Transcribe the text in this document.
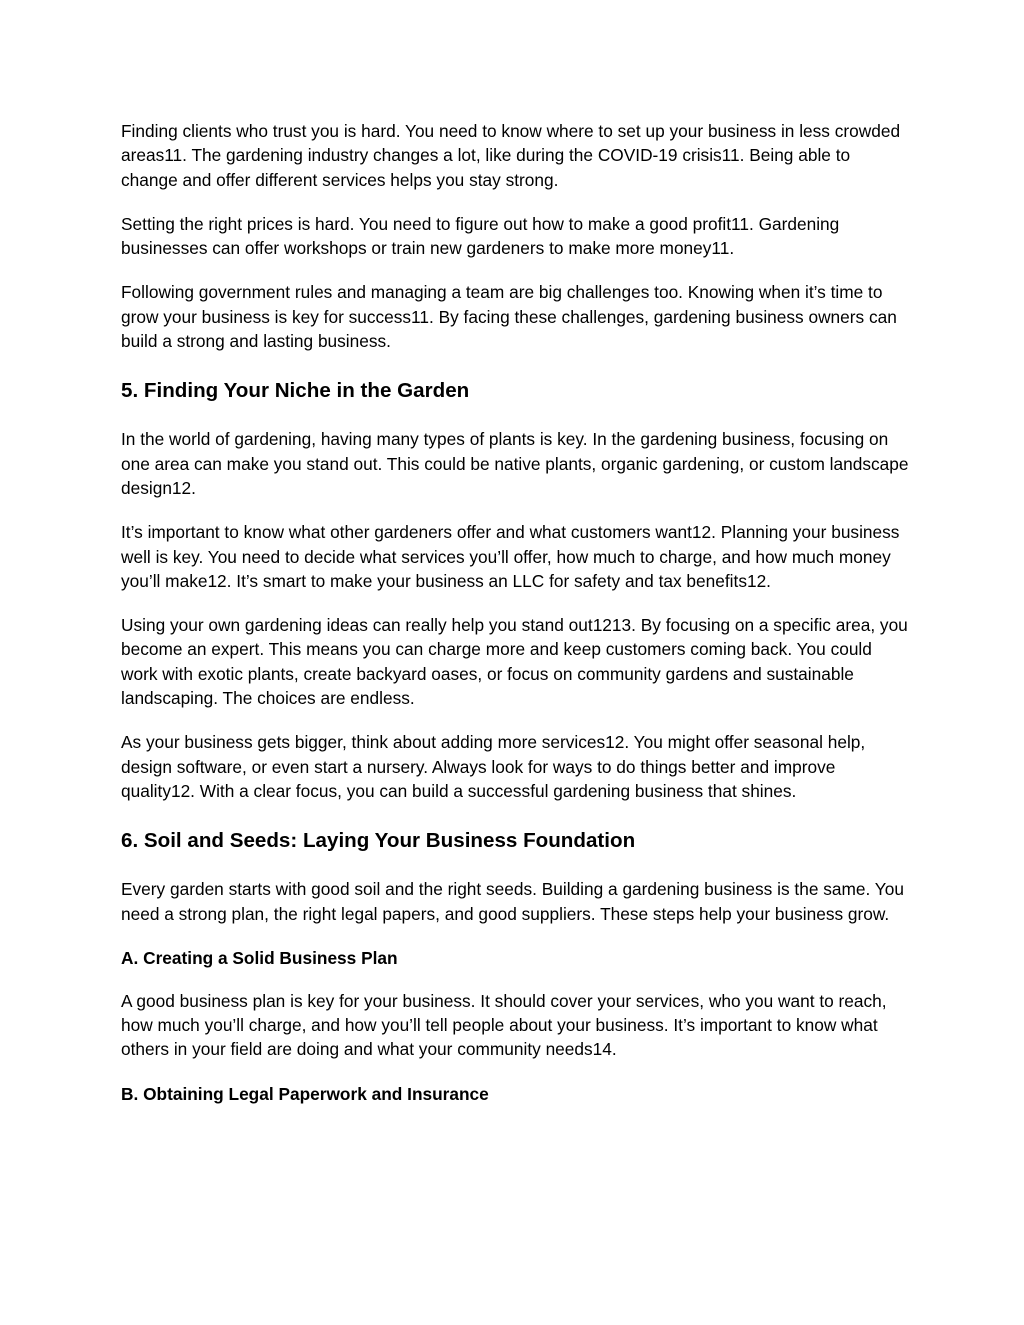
Finding clients who trust you is hard. You need to know where to set up your business in less crowded areas11. The gardening industry changes a lot, like during the COVID-19 crisis11. Being able to change and offer different services helps you stay strong.

Setting the right prices is hard. You need to figure out how to make a good profit11. Gardening businesses can offer workshops or train new gardeners to make more money11.

Following government rules and managing a team are big challenges too. Knowing when it’s time to grow your business is key for success11. By facing these challenges, gardening business owners can build a strong and lasting business.

5. Finding Your Niche in the Garden

In the world of gardening, having many types of plants is key. In the gardening business, focusing on one area can make you stand out. This could be native plants, organic gardening, or custom landscape design12.

It’s important to know what other gardeners offer and what customers want12. Planning your business well is key. You need to decide what services you’ll offer, how much to charge, and how much money you’ll make12. It’s smart to make your business an LLC for safety and tax benefits12.

Using your own gardening ideas can really help you stand out1213. By focusing on a specific area, you become an expert. This means you can charge more and keep customers coming back. You could work with exotic plants, create backyard oases, or focus on community gardens and sustainable landscaping. The choices are endless.

As your business gets bigger, think about adding more services12. You might offer seasonal help, design software, or even start a nursery. Always look for ways to do things better and improve quality12. With a clear focus, you can build a successful gardening business that shines.

6. Soil and Seeds: Laying Your Business Foundation

Every garden starts with good soil and the right seeds. Building a gardening business is the same. You need a strong plan, the right legal papers, and good suppliers. These steps help your business grow.

A. Creating a Solid Business Plan

A good business plan is key for your business. It should cover your services, who you want to reach, how much you’ll charge, and how you’ll tell people about your business. It’s important to know what others in your field are doing and what your community needs14.

B. Obtaining Legal Paperwork and Insurance
